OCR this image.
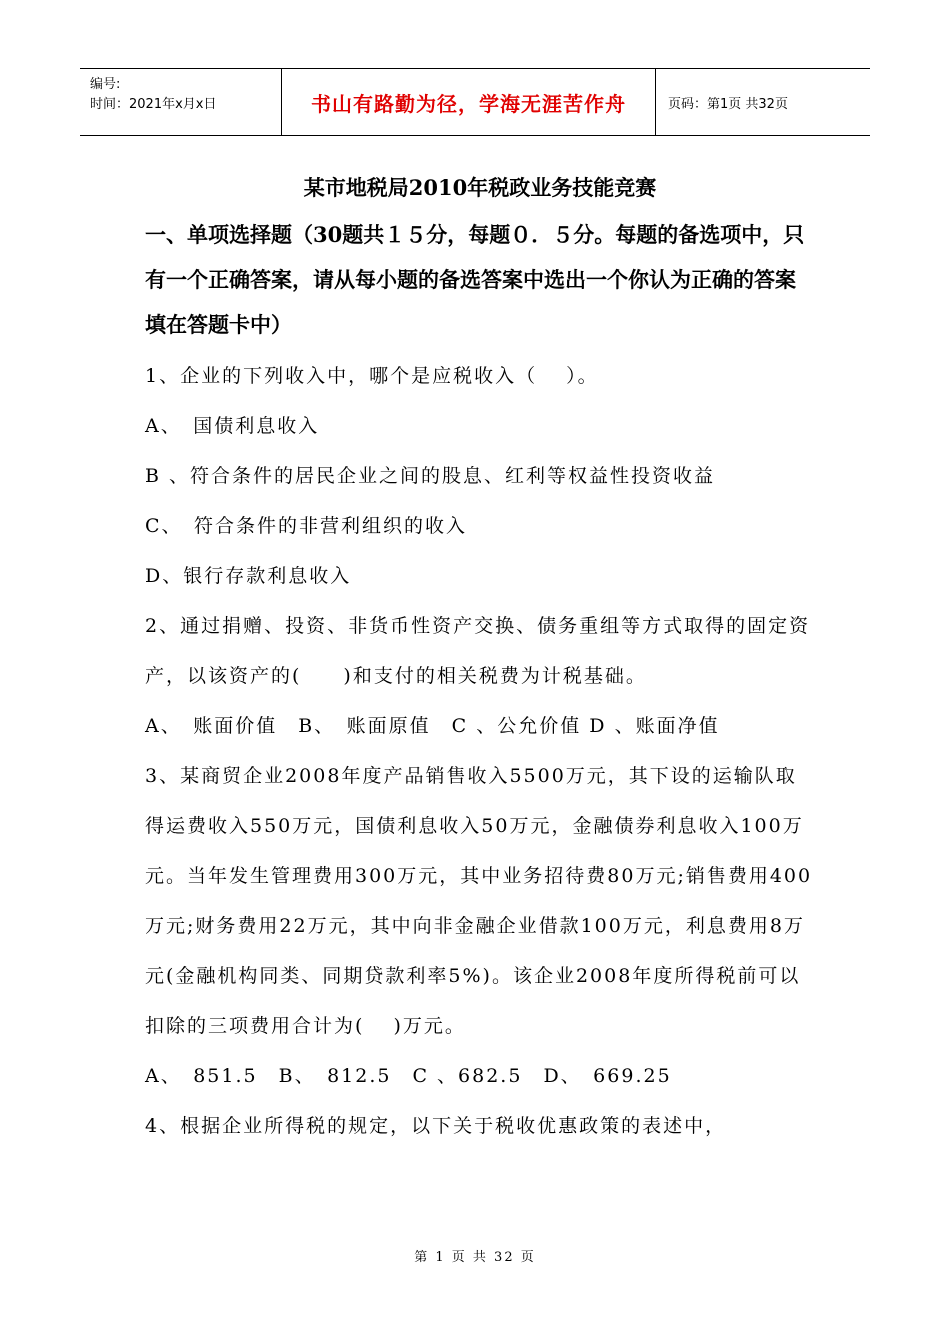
编号:
时间：2021年x月x日	书山有路勤为径，学海无涯苦作舟	页码：第1页 共32页
某市地税局2010年税政业务技能竞赛
一、单项选择题（30题共１５分，每题０．５分。每题的备选项中，只有一个正确答案，请从每小题的备选答案中选出一个你认为正确的答案填在答题卡中）
1、企业的下列收入中，哪个是应税收入（　 ）。
A、　国债利息收入
B 、符合条件的居民企业之间的股息、红利等权益性投资收益
C、　符合条件的非营利组织的收入
D、银行存款利息收入
2、通过捐赠、投资、非货币性资产交换、债务重组等方式取得的固定资产，以该资产的(　　)和支付的相关税费为计税基础。
A、　账面价值　B、　账面原值　C 、公允价值 D 、账面净值
3、某商贸企业2008年度产品销售收入5500万元，其下设的运输队取得运费收入550万元，国债利息收入50万元，金融债券利息收入100万元。当年发生管理费用300万元，其中业务招待费80万元;销售费用400万元;财务费用22万元，其中向非金融企业借款100万元，利息费用8万元(金融机构同类、同期贷款利率5%)。该企业2008年度所得税前可以扣除的三项费用合计为(　 )万元。
A、　851.5　B、　812.5　C 、682.5　D、　669.25
4、根据企业所得税的规定，以下关于税收优惠政策的表述中，
第 1 页 共 32 页
